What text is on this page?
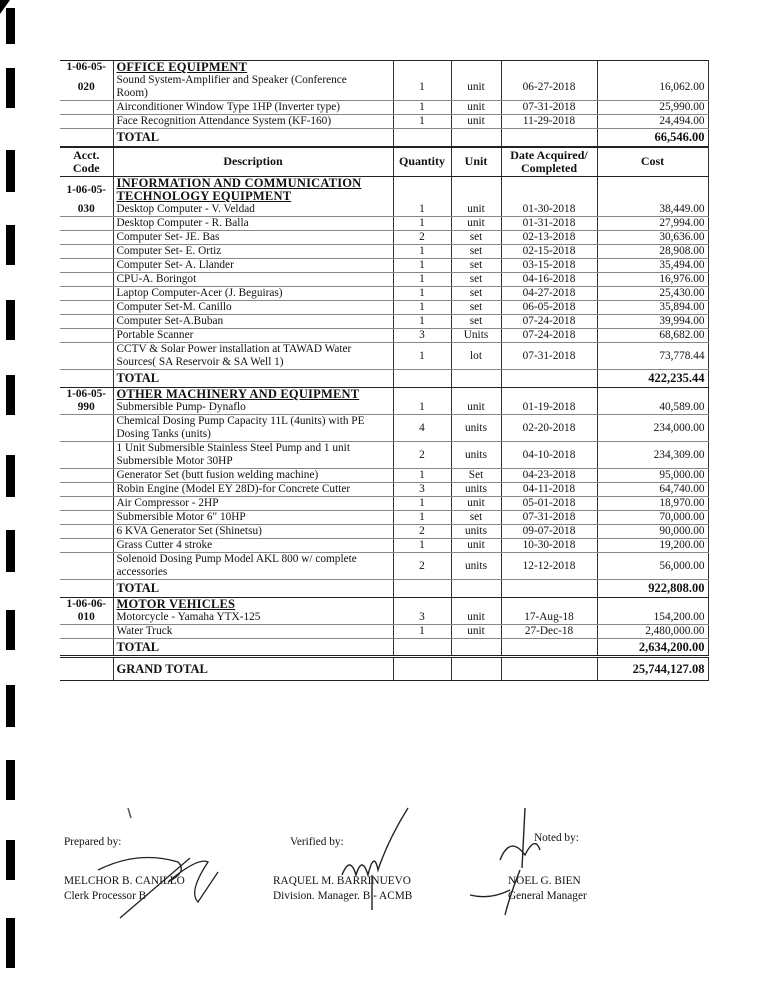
1-06-05-	OFFICE EQUIPMENT				
020	Sound System-Amplifier and Speaker (Conference
Room)	1	unit	06-27-2018	16,062.00
	Airconditioner Window Type 1HP (Inverter type)	1	unit	07-31-2018	25,990.00
	Face Recognition Attendance System (KF-160)	1	unit	11-29-2018	24,494.00
	TOTAL				66,546.00
Acct.
Code	Description	Quantity	Unit	Date Acquired/
Completed	Cost
1-06-05-	INFORMATION AND COMMUNICATION TECHNOLOGY EQUIPMENT				
030	Desktop Computer - V. Veldad	1	unit	01-30-2018	38,449.00
	Desktop Computer - R. Balla	1	unit	01-31-2018	27,994.00
	Computer Set- JE. Bas	2	set	02-13-2018	30,636.00
	Computer Set- E. Ortiz	1	set	02-15-2018	28,908.00
	Computer Set- A. Llander	1	set	03-15-2018	35,494.00
	CPU-A. Boringot	1	set	04-16-2018	16,976.00
	Laptop Computer-Acer (J. Beguiras)	1	set	04-27-2018	25,430.00
	Computer Set-M. Canillo	1	set	06-05-2018	35,894.00
	Computer Set-A.Buban	1	set	07-24-2018	39,994.00
	Portable Scanner	3	Units	07-24-2018	68,682.00
	CCTV & Solar Power installation at TAWAD Water
Sources( SA Reservoir & SA Well 1)	1	lot	07-31-2018	73,778.44
	TOTAL				422,235.44
1-06-05-	OTHER MACHINERY AND EQUIPMENT				
990	Submersible Pump- Dynaflo	1	unit	01-19-2018	40,589.00
	Chemical Dosing Pump Capacity 11L (4units) with PE
Dosing Tanks (units)	4	units	02-20-2018	234,000.00
	1 Unit Submersible Stainless Steel Pump and 1 unit
Submersible Motor 30HP	2	units	04-10-2018	234,309.00
	Generator Set (butt fusion welding machine)	1	Set	04-23-2018	95,000.00
	Robin Engine (Model EY 28D)-for Concrete Cutter	3	units	04-11-2018	64,740.00
	Air Compressor - 2HP	1	unit	05-01-2018	18,970.00
	Submersible Motor 6" 10HP	1	set	07-31-2018	70,000.00
	6 KVA Generator Set (Shinetsu)	2	units	09-07-2018	90,000.00
	Grass Cutter 4 stroke	1	unit	10-30-2018	19,200.00
	Solenoid Dosing Pump Model AKL 800 w/ complete
accessories	2	units	12-12-2018	56,000.00
	TOTAL				922,808.00
1-06-06-	MOTOR VEHICLES				
010	Motorcycle - Yamaha YTX-125	3	unit	17-Aug-18	154,200.00
	Water Truck	1	unit	27-Dec-18	2,480,000.00
	TOTAL				2,634,200.00
	GRAND TOTAL				25,744,127.08
Prepared by:
MELCHOR B. CANILLO
Clerk Processor B
Verified by:
RAQUEL M. BARRINUEVO
Division. Manager. B - ACMB
Noted by:
NOEL G. BIEN
General Manager
